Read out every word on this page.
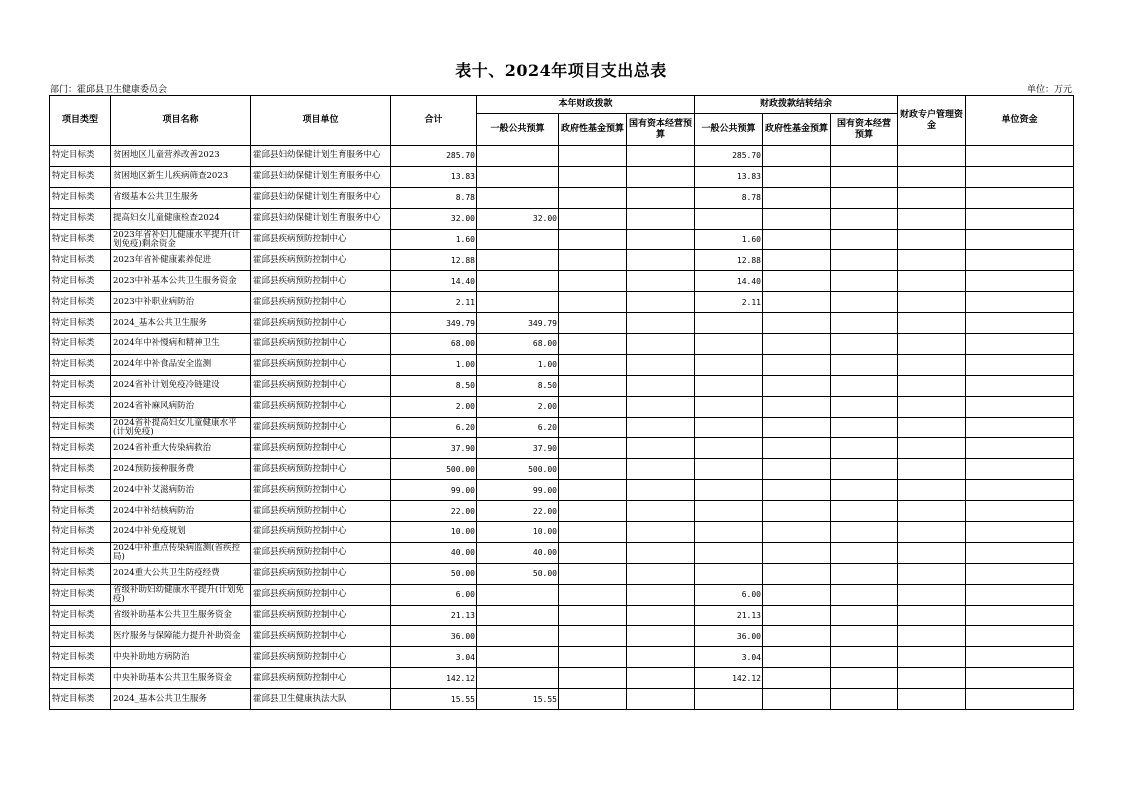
表十、2024年项目支出总表
部门：霍邱县卫生健康委员会	单位：万元
项目类型	项目名称	项目单位	合计	本年财政拨款			财政拨款结转结余			财政专户管理资金	单位资金
				一般公共预算	政府性基金预算	国有资本经营预算	一般公共预算	政府性基金预算	国有资本经营预算		
特定目标类	贫困地区儿童营养改善2023	霍邱县妇幼保健计划生育服务中心	285.70				285.70				
特定目标类	贫困地区新生儿疾病筛查2023	霍邱县妇幼保健计划生育服务中心	13.83				13.83				
特定目标类	省级基本公共卫生服务	霍邱县妇幼保健计划生育服务中心	8.78				8.78				
特定目标类	提高妇女儿童健康检查2024	霍邱县妇幼保健计划生育服务中心	32.00	32.00							
特定目标类	2023年省补妇儿健康水平提升(计划免疫)剩余资金	霍邱县疾病预防控制中心	1.60				1.60				
特定目标类	2023年省补健康素养促进	霍邱县疾病预防控制中心	12.88				12.88				
特定目标类	2023中补基本公共卫生服务资金	霍邱县疾病预防控制中心	14.40				14.40				
特定目标类	2023中补职业病防治	霍邱县疾病预防控制中心	2.11				2.11				
特定目标类	2024_基本公共卫生服务	霍邱县疾病预防控制中心	349.79	349.79							
特定目标类	2024年中补慢病和精神卫生	霍邱县疾病预防控制中心	68.00	68.00							
特定目标类	2024年中补食品安全监测	霍邱县疾病预防控制中心	1.00	1.00							
特定目标类	2024省补计划免疫冷链建设	霍邱县疾病预防控制中心	8.50	8.50							
特定目标类	2024省补麻风病防治	霍邱县疾病预防控制中心	2.00	2.00							
特定目标类	2024省补提高妇女儿童健康水平(计划免疫)	霍邱县疾病预防控制中心	6.20	6.20							
特定目标类	2024省补重大传染病救治	霍邱县疾病预防控制中心	37.90	37.90							
特定目标类	2024预防接种服务费	霍邱县疾病预防控制中心	500.00	500.00							
特定目标类	2024中补艾滋病防治	霍邱县疾病预防控制中心	99.00	99.00							
特定目标类	2024中补结核病防治	霍邱县疾病预防控制中心	22.00	22.00							
特定目标类	2024中补免疫规划	霍邱县疾病预防控制中心	10.00	10.00							
特定目标类	2024中补重点传染病监测(省疾控局)	霍邱县疾病预防控制中心	40.00	40.00							
特定目标类	2024重大公共卫生防疫经费	霍邱县疾病预防控制中心	50.00	50.00							
特定目标类	省级补助妇幼健康水平提升(计划免疫)	霍邱县疾病预防控制中心	6.00				6.00				
特定目标类	省级补助基本公共卫生服务资金	霍邱县疾病预防控制中心	21.13				21.13				
特定目标类	医疗服务与保障能力提升补助资金	霍邱县疾病预防控制中心	36.00				36.00				
特定目标类	中央补助地方病防治	霍邱县疾病预防控制中心	3.04				3.04				
特定目标类	中央补助基本公共卫生服务资金	霍邱县疾病预防控制中心	142.12				142.12				
特定目标类	2024_基本公共卫生服务	霍邱县卫生健康执法大队	15.55	15.55							
